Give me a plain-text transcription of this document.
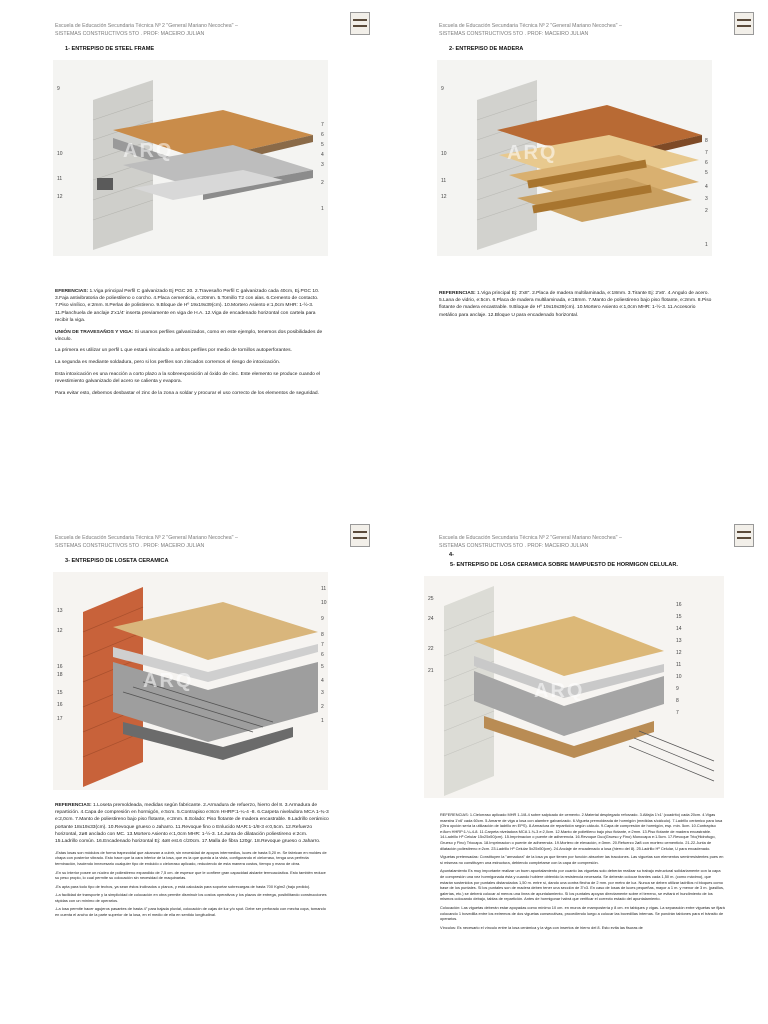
Escuela de Educación Secundaria Técnica Nº 2 "General Mariano Necochea" –
SISTEMAS CONSTRUCTIVOS 5TO . PROF: MACEIRO JULIAN
1- ENTREPISO DE STEEL FRAME
9
10
11
12
7
6
5
4
3
2
1
ARQ

EFERENCIAS: 1.Viga principal Perfil C galvanizado Ej PGC 20. 2.Travesaño Perfil C galvanizado cada 40cm, Ej.PGC 10. 3.Faja antivibratoria de poliestileno o corcho. 4.Placa cementicia, e:20mm. 5.Tornillo T2 con alas. 6.Cemento de contacto. 7.Piso vinílico, e:2mm. 8.Perlas de polistireno. 9.Bloque de Hº 19x19x39(cm). 10.Mortero Asiento e:1,0cm MHR: 1-½-3. 11.Planchuela de anclaje 2'x1/4' inserta previamente en viga de H.A. 12.Viga de encadenado horizontal con cartela para recibir la viga.

UNIÓN DE TRAVESAÑOS Y VIGA: Si usamos perfiles galvanizados, como en este ejemplo, tenemos dos posibilidades de vínculo.

La primera es utilizar un perfil L que estará vinculado a ambos perfiles por medio de tornillos autoperforantes.

La segunda es mediante soldadura, pero si los perfiles son zincados corremos el riesgo de intoxicación.

Esta intoxicación es una reacción a corto plazo a la sobreexposición al óxido de cinc. Este elemento se produce cuando el revestimiento galvanizado del acero se calienta y evapora.

Para evitar esto, debemos desbastar el zinc de la zona a soldar y procurar el uso correcto de los elementos de seguridad.

Escuela de Educación Secundaria Técnica Nº 2 "General Mariano Necochea" –
SISTEMAS CONSTRUCTIVOS 5TO . PROF: MACEIRO JULIAN
2- ENTREPISO DE MADERA
9
10
11
12
8
7
6
5
4
3
2
1
ARQ

REFERENCIAS: 1.Viga principal Ej: 3'x8". 2.Placa de madera multilaminada, e:18mm. 3.Tirante Ej: 2'x6'. 4.Angulo de acero. 5.Lana de vidrio, e:5cm. 6.Placa de madera multilaminada, e:18mm. 7.Manto de poliestireno bajo piso flotante, e:2mm. 8.Piso flotante de madera encastrable. 9.Bloque de Hº 19x19x39(cm). 10.Mortero Asiento e:1,0cm MHR: 1-½-3. 11.Accesorio metálico para anclaje. 12.Bloque U para encadenado horizontal.

Escuela de Educación Secundaria Técnica Nº 2 "General Mariano Necochea" –
SISTEMAS CONSTRUCTIVOS 5TO . PROF: MACEIRO JULIAN
3- ENTREPISO DE LOSETA CERAMICA
13
12
16
18
15
16
17
11
10
9
8
7
6
5
4
3
2
1
ARQ

REFERENCIAS: 1.Loseta premoldeada, medidas según fabricante. 2.Armadura de refuerzo, hierro del 8. 3.Armadura de repartición. 4.Capa de compresión en hormigón, e:5cm. 5.Contrapiso e:8cm HHRP:1-¼-4 -8. 6.Carpeta niveladora MCA 1-¾-3 e:2,0cm. 7.Manto de poliestireno bajo piso flotante, e:2mm. 8.Solado: Piso flotante de madera encastrable. 9.Ladrillo cerámico portante 18x19x33(cm). 10.Revoque grueso o Jaharro. 11.Revoque fino o Enlucido MAR:1-1/8-3 e:0,5cm. 12.Refuerzo horizontal, 2ø8 anclado con MC. 13.Mortero Asiento e:1,0cm MHR: 1-½-3. 14.Junta de dilatación poliestireno e:2cm. 15.Ladrillo común. 16.Encadenado horizontal Ej: 4ø8 est.6 c/20cm. 17.Malla de fibra 120gr. 18.Revoque grueso o Jaharro.

-Estas losas son módulos de forma trapezoidal que alcanzan a cubrir, sin necesidad de apoyos intermedios, luces de hasta 5,20 m. Se fabrican en moldes de chapa con posterior vibrado. Esto hace que la cara inferior de la losa, que es la que queda a la vista, configurando el cielorraso, tenga una perfecta terminación, haciendo innecesario cualquier tipo de enduido o cielorraso aplicado, reduciendo de esta manera costos, tiempo y mano de obra.

-En su interior posee un núcleo de poliestireno expandido de 7,5 cm. de espesor que le confiere gran capacidad aislante termoacústica. Esto también reduce su peso propio, lo cual permite su colocación sin necesidad de maquinarias.

-Es apta para todo tipo de techos, ya sean éstos inclinados o planos, y está calculada para soportar sobrecargas de hasta 700 Kg/m2 (bajo pedido).

-La facilidad de transporte y la simplicidad de colocación en obra permite disminuir los costos operativos y los plazos de entrega, posibilitando construcciones rápidas con un mínimo de operarios.

-La losa permite hacer agujeros pasantes de hasta 4" para bajada pluvial, colocación de cajas de luz y/o spot. Debe ser perforado con mecha copa, tomando en cuenta el ancho de la parte superior de la losa, en el medio de ella en sentido longitudinal.

Escuela de Educación Secundaria Técnica Nº 2 "General Mariano Necochea" –
SISTEMAS CONSTRUCTIVOS 5TO . PROF: MACEIRO JULIAN
4-
5- ENTREPISO DE LOSA CERAMICA SOBRE MAMPUESTO DE HORMIGON CELULAR.
25
24
22
21
16
15
14
13
12
11
10
9
8
7
ARQ

REFERENCIAS: 1.Cielorraso aplicado MHR 1-1/8-4 sobre salpicado de cemento. 2.Material desplegado reforzado. 3.Alfajía 1'x1' (cuadrito) cada 20cm. 4.Vigas maestra 1'x6' cada 60cm. 5.Amarre de viga a losa con alambre galvanizado. 6.Vigueta premoldeada de hormigón (medidas s/cálculo). 7.Ladrillo cerámico para losa (Otra opción sería la utilización de ladrillo en EPS). 8.Armadura de repartición según cálculo. 9.Capa de compresión de hormigón, esp. mín. 5cm. 10.Contrapiso e:8cm HHRP:1-¼-4-8. 11.Carpeta niveladora MCA 1-¾-3 e:2,0cm. 12.Manto de polietileno bajo piso flotante, e:2mm. 13.Piso flotante de madera encastrable. 14.Ladrillo Hº Celular 15x25x50(cm). 15.Imprimacion o puente de adherencia. 16.Revoque Duo(Grueso y Fino) Monocapa e:1.5cm. 17.Revoque Trio(Hidrofugo, Grueso y Fino) Triocapa. 18.Imprimacion o puente de adherencia. 19.Mortero de elevación, e:3mm. 20.Refuerzo 2ø8 con mortero cementicio. 21-22.Junta de dilatación poliestireno e:2cm. 23.Ladrillo Hº Celular 5x25x50(cm). 24.Anclaje de encadenado a losa (hierro del 8). 25.Ladrillo Hº Celular, U para encadenado.

Viguetas pretensadas: Constituyen la "armadura" de la losa ya que tienen por función absorber las tracciones. Las viguetas son elementos semirresistentes pues en sí mismas no constituyen una estructura, debiendo completarse con la capa de compresión.

Apuntalamiento Es muy importante realizar un buen apuntalamiento por cuanto las viguetas solo deberán realizar su trabajo estructural solidariamente con la capa de compresión una vez hormigonada ésta y cuando hubiere obtenido la resistencia necesaria. Se deberán colocar tirantes cada 1,50 m. (como máximo), que estarán sostenidos por puntales distanciados 1,50 m. entre sí, dando una contra flecha de 2 mm. por metro de luz. Nunca se deben utilizar ladrillos ni bloques como base de los puntales. Si los puntales son de madera deben tener una sección de 3"x3. En caso de losas de luces pequeñas, mayor a 1 m. y menor de 3 m. (pasillos, galerías, etc.) se deberá colocar al menos una línea de apuntalamiento. Si los puntales apoyan directamente sobre el terreno, se evitará el hundimiento de los mismos colocando debajo, tablas de repartición. Antes de hormigonar habrá que verificar el correcto estado del apuntalamiento.

Colocación: Las viguetas deberán estar apoyadas como mínimo 10 cm. en muros de mampostería y 8 cm. en tabiques y vigas. La separación entre viguetas se fijará colocando 1 bovedilla entre los extremos de dos viguetas consecutivas, procediendo luego a colocar las bovedillas internas. Se pondrán tablones para el tránsito de operarios.

Vínculos: Es necesario el vínculo entre la losa cerámica y la viga con insertos de hierro del 8. Esto evita las fisuras de
